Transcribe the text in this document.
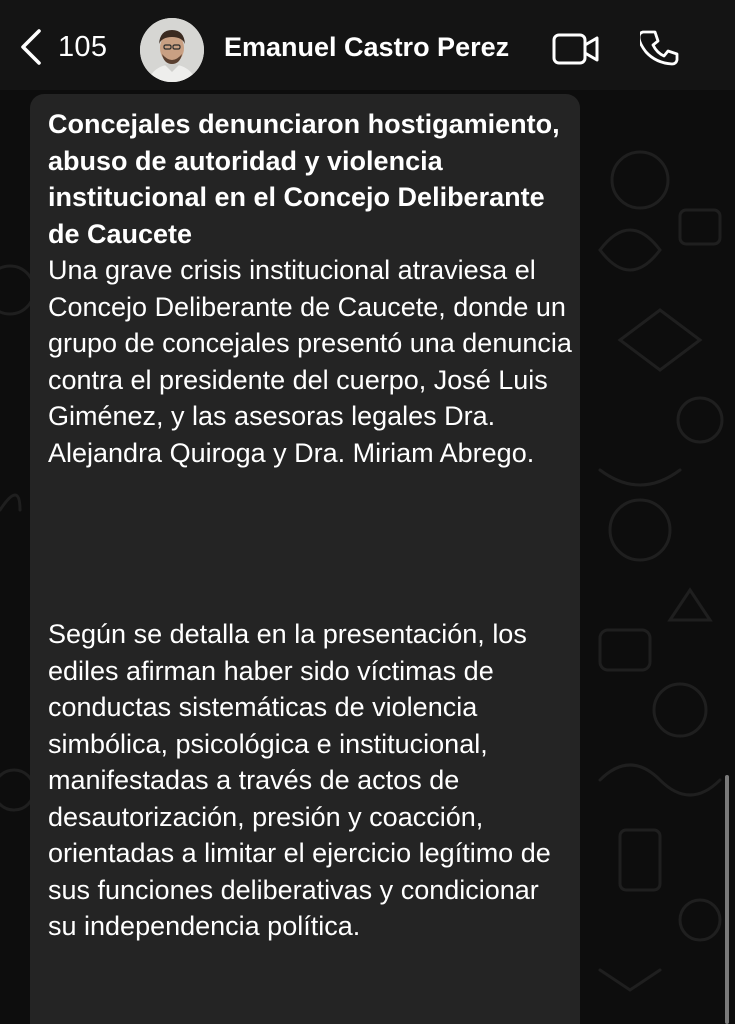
105	Emanuel Castro Perez

Concejales denunciaron hostigamiento, abuso de autoridad y violencia institucional en el Concejo Deliberante de Caucete

Una grave crisis institucional atraviesa el Concejo Deliberante de Caucete, donde un grupo de concejales presentó una denuncia contra el presidente del cuerpo, José Luis Giménez, y las asesoras legales Dra. Alejandra Quiroga y Dra. Miriam Abrego.

Según se detalla en la presentación, los ediles afirman haber sido víctimas de conductas sistemáticas de violencia simbólica, psicológica e institucional, manifestadas a través de actos de desautorización, presión y coacción, orientadas a limitar el ejercicio legítimo de sus funciones deliberativas y condicionar su independencia política.
